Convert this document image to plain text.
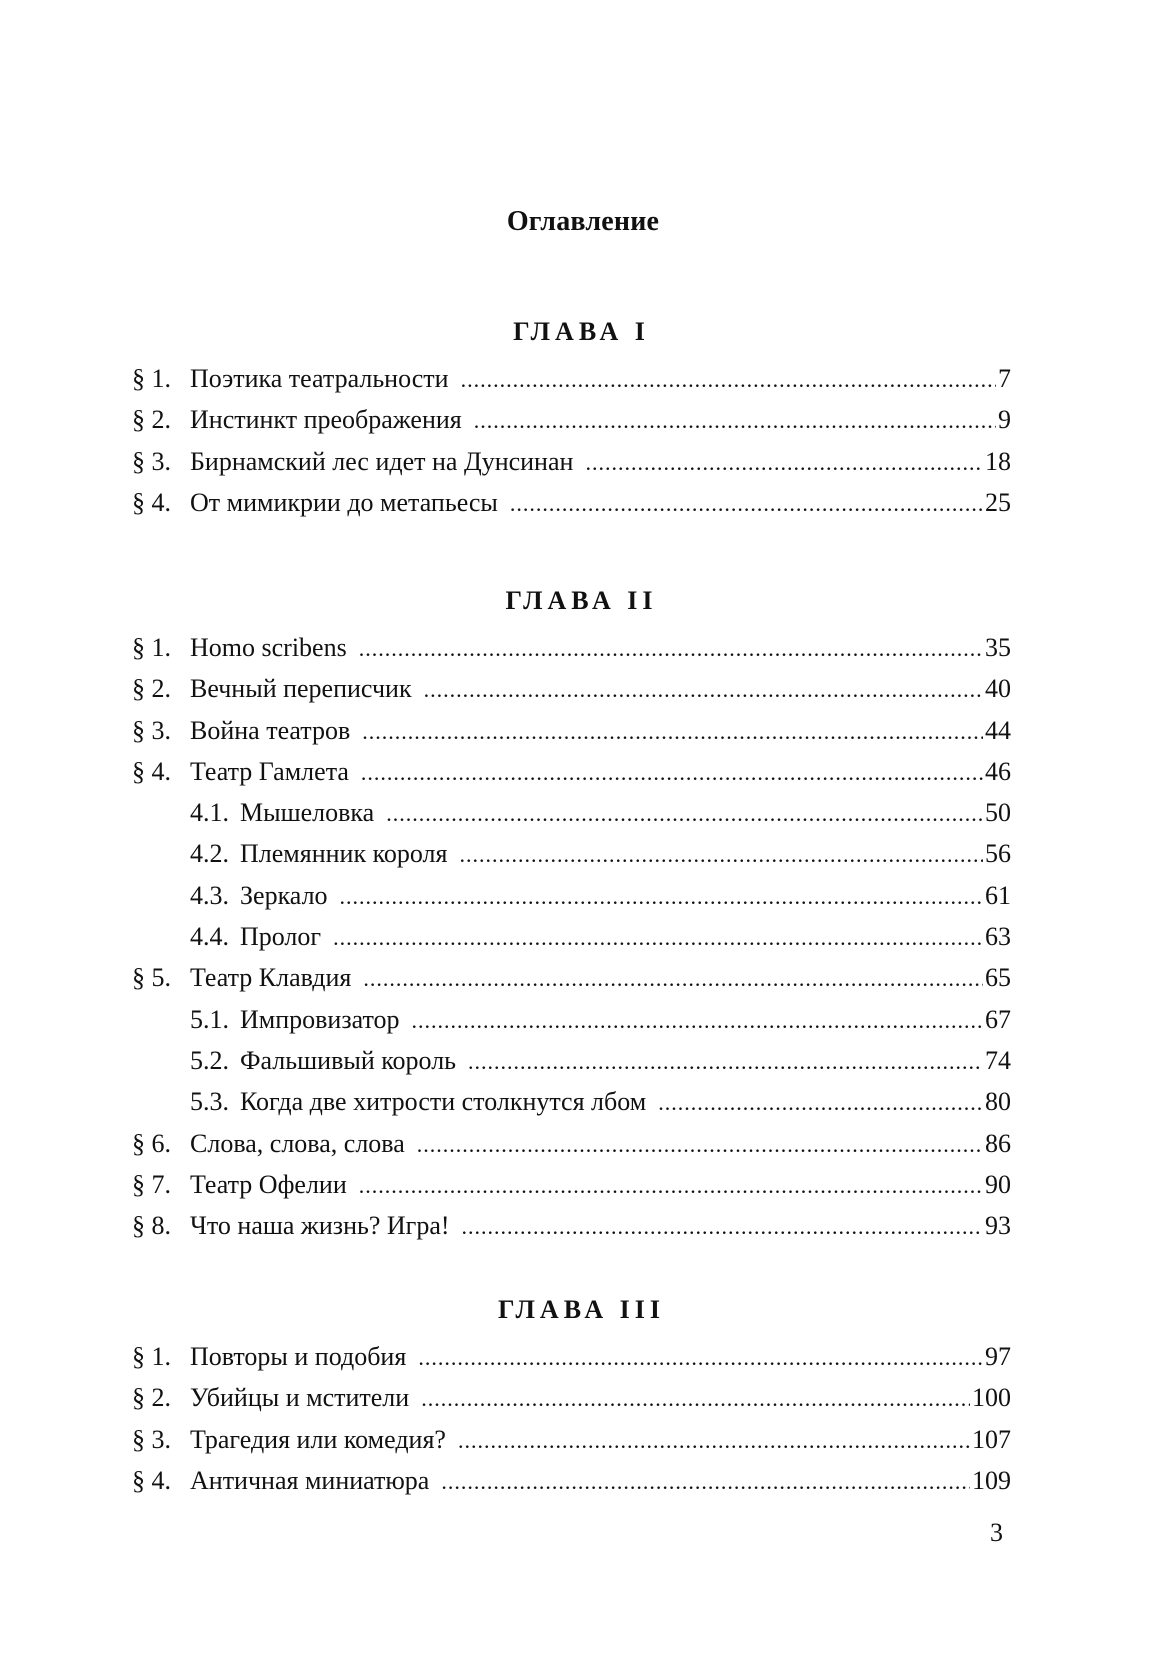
Оглавление
ГЛАВА I
§ 1. Поэтика театральности .....	7
§ 2. Инстинкт преображения .....	9
§ 3. Бирнамский лес идет на Дунсинан .....	18
§ 4. От мимикрии до метапьесы .....	25
ГЛАВА II
§ 1. Homo scribens .....	35
§ 2. Вечный переписчик .....	40
§ 3. Война театров .....	44
§ 4. Театр Гамлета .....	46
4.1. Мышеловка .....	50
4.2. Племянник короля .....	56
4.3. Зеркало .....	61
4.4. Пролог .....	63
§ 5. Театр Клавдия .....	65
5.1. Импровизатор .....	67
5.2. Фальшивый король .....	74
5.3. Когда две хитрости столкнутся лбом .....	80
§ 6. Слова, слова, слова .....	86
§ 7. Театр Офелии .....	90
§ 8. Что наша жизнь? Игра! .....	93
ГЛАВА III
§ 1. Повторы и подобия .....	97
§ 2. Убийцы и мстители .....	100
§ 3. Трагедия или комедия? .....	107
§ 4. Античная миниатюра .....	109
3
